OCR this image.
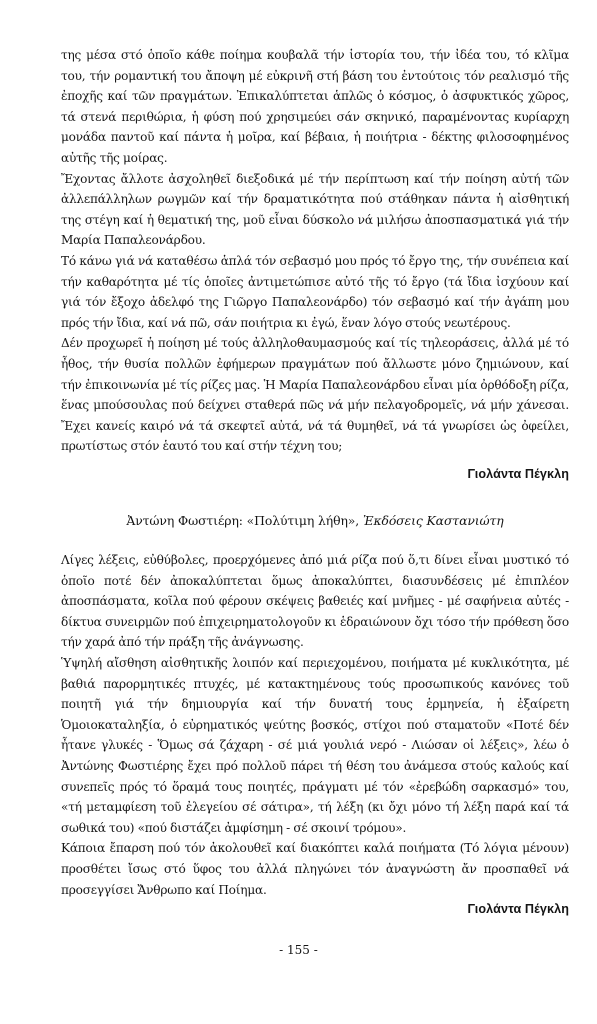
της μέσα στό ὁποῖο κάθε ποίημα κουβαλᾶ τήν ἱστορία του, τήν ἰδέα του, τό κλῖμα του, τήν ρομαντική του ἄποψη μέ εὐκρινῆ στή βάση του ἐντούτοις τόν ρεαλισμό τῆς ἐποχῆς καί τῶν πραγμάτων. Ἐπικαλύπτεται ἁπλῶς ὁ κόσμος, ὁ ἀσφυκτικός χῶρος, τά στενά περιθώρια, ἡ φύση πού χρησιμεύει σάν σκηνικό, παραμένοντας κυρίαρχη μονάδα παντοῦ καί πάντα ἡ μοῖρα, καί βέβαια, ἡ ποιήτρια - δέκτης φιλοσοφημένος αὐτῆς τῆς μοίρας.

Ἔχοντας ἄλλοτε ἀσχοληθεῖ διεξοδικά μέ τήν περίπτωση καί τήν ποίηση αὐτή τῶν ἀλλεπάλληλων ρωγμῶν καί τήν δραματικότητα πού στάθηκαν πάντα ἡ αἰσθητική της στέγη καί ἡ θεματική της, μοῦ εἶναι δύσκολο νά μιλήσω ἀποσπασματικά γιά τήν Μαρία Παπαλεονάρδου.

Τό κάνω γιά νά καταθέσω ἁπλά τόν σεβασμό μου πρός τό ἔργο της, τήν συνέπεια καί τήν καθαρότητα μέ τίς ὁποῖες ἀντιμετώπισε αὐτό τῆς τό ἔργο (τά ἴδια ἰσχύουν καί γιά τόν ἔξοχο ἀδελφό της Γιῶργο Παπαλεονάρδο) τόν σεβασμό καί τήν ἀγάπη μου πρός τήν ἴδια, καί νά πῶ, σάν ποιήτρια κι ἐγώ, ἕναν λόγο στούς νεωτέρους.

Δέν προχωρεῖ ἡ ποίηση μέ τούς ἀλληλοθαυμασμούς καί τίς τηλεοράσεις, ἀλλά μέ τό ἦθος, τήν θυσία πολλῶν ἐφήμερων πραγμάτων πού ἄλλωστε μόνο ζημιώνουν, καί τήν ἐπικοινωνία μέ τίς ρίζες μας. Ἡ Μαρία Παπαλεονάρδου εἶναι μία ὀρθόδοξη ρίζα, ἕνας μπούσουλας πού δείχνει σταθερά πῶς νά μήν πελαγοδρομεῖς, νά μήν χάνεσαι. Ἔχει κανείς καιρό νά τά σκεφτεῖ αὐτά, νά τά θυμηθεῖ, νά τά γνωρίσει ὡς ὀφείλει, πρωτίστως στόν ἑαυτό του καί στήν τέχνη του;

Γιολάντα Πέγκλη

Ἀντώνη Φωστιέρη: «Πολύτιμη λήθη», Ἐκδόσεις Καστανιώτη

Λίγες λέξεις, εὐθύβολες, προερχόμενες ἀπό μιά ρίζα πού ὅ,τι δίνει εἶναι μυστικό τό ὁποῖο ποτέ δέν ἀποκαλύπτεται ὅμως ἀποκαλύπτει, διασυνδέσεις μέ ἐπιπλέον ἀποσπάσματα, κοῖλα πού φέρουν σκέψεις βαθειές καί μνῆμες - μέ σαφήνεια αὐτές - δίκτυα συνειρμῶν πού ἐπιχειρηματολογοῦν κι ἑδραιώνουν ὄχι τόσο τήν πρόθεση ὅσο τήν χαρά ἀπό τήν πράξη τῆς ἀνάγνωσης.

Ὑψηλή αἴσθηση αἰσθητικῆς λοιπόν καί περιεχομένου, ποιήματα μέ κυκλικότητα, μέ βαθιά παρορμητικές πτυχές, μέ κατακτημένους τούς προσωπικούς κανόνες τοῦ ποιητῆ γιά τήν δημιουργία καί τήν δυνατή τους ἑρμηνεία, ἡ ἐξαίρετη Ὁμοιοκαταληξία, ὁ εὐρηματικός ψεύτης βοσκός, στίχοι πού σταματοῦν «Ποτέ δέν ἦτανε γλυκές - Ὅμως σά ζάχαρη - σέ μιά γουλιά νερό - Λιώσαν οἱ λέξεις», λέω ὁ Ἀντώνης Φωστιέρης ἔχει πρό πολλοῦ πάρει τή θέση του ἀνάμεσα στούς καλούς καί συνεπεῖς πρός τό ὅραμά τους ποιητές, πράγματι μέ τόν «ἐρεβώδη σαρκασμό» του, «τή μεταμφίεση τοῦ ἐλεγείου σέ σάτιρα», τή λέξη (κι ὄχι μόνο τή λέξη παρά καί τά σωθικά του) «πού διστάζει ἀμφίσημη - σέ σκοινί τρόμου».

Κάποια ἔπαρση πού τόν ἀκολουθεῖ καί διακόπτει καλά ποιήματα (Τό λόγια μένουν) προσθέτει ἴσως στό ὕφος του ἀλλά πληγώνει τόν ἀναγνώστη ἄν προσπαθεῖ νά προσεγγίσει Ἄνθρωπο καί Ποίημα.

Γιολάντα Πέγκλη

- 155 -
